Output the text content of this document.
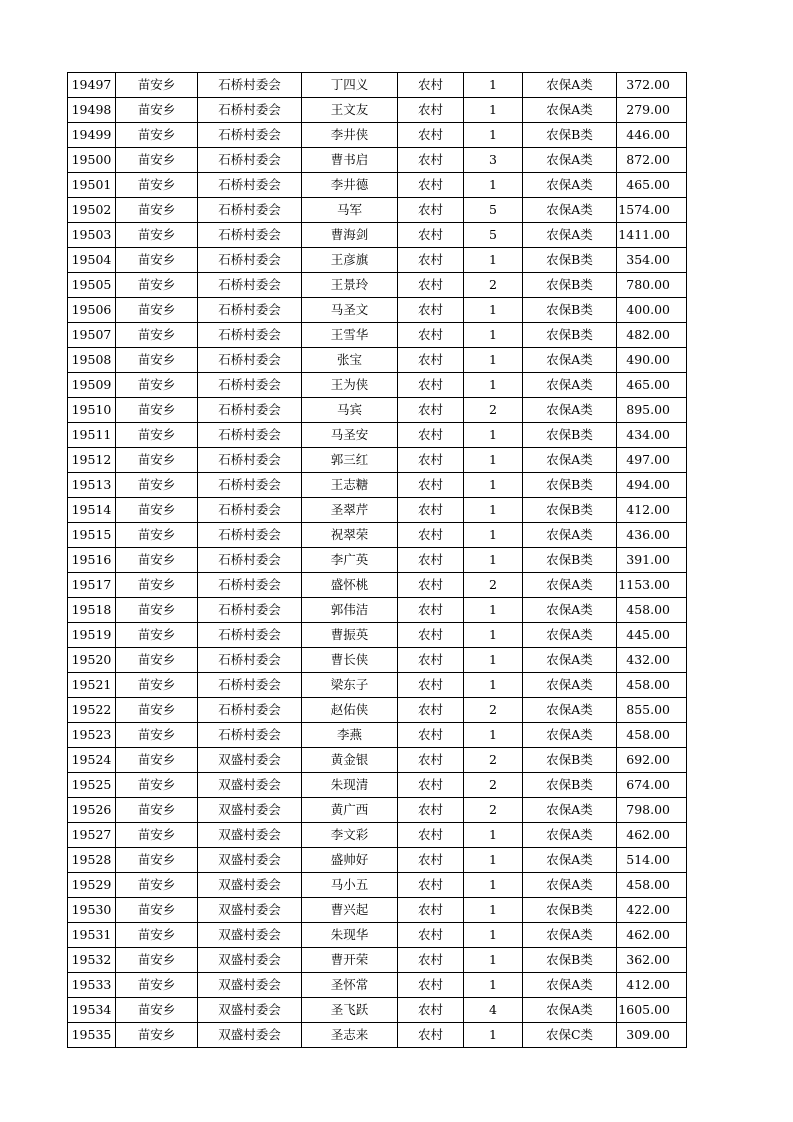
19497	苗安乡	石桥村委会	丁四义	农村	1	农保A类	372.00
19498	苗安乡	石桥村委会	王文友	农村	1	农保A类	279.00
19499	苗安乡	石桥村委会	李井侠	农村	1	农保B类	446.00
19500	苗安乡	石桥村委会	曹书启	农村	3	农保A类	872.00
19501	苗安乡	石桥村委会	李井德	农村	1	农保A类	465.00
19502	苗安乡	石桥村委会	马军	农村	5	农保A类	1574.00
19503	苗安乡	石桥村委会	曹海剑	农村	5	农保A类	1411.00
19504	苗安乡	石桥村委会	王彦旗	农村	1	农保B类	354.00
19505	苗安乡	石桥村委会	王景玲	农村	2	农保B类	780.00
19506	苗安乡	石桥村委会	马圣文	农村	1	农保B类	400.00
19507	苗安乡	石桥村委会	王雪华	农村	1	农保B类	482.00
19508	苗安乡	石桥村委会	张宝	农村	1	农保A类	490.00
19509	苗安乡	石桥村委会	王为侠	农村	1	农保A类	465.00
19510	苗安乡	石桥村委会	马宾	农村	2	农保A类	895.00
19511	苗安乡	石桥村委会	马圣安	农村	1	农保B类	434.00
19512	苗安乡	石桥村委会	郭三红	农村	1	农保A类	497.00
19513	苗安乡	石桥村委会	王志糖	农村	1	农保B类	494.00
19514	苗安乡	石桥村委会	圣翠芹	农村	1	农保B类	412.00
19515	苗安乡	石桥村委会	祝翠荣	农村	1	农保A类	436.00
19516	苗安乡	石桥村委会	李广英	农村	1	农保B类	391.00
19517	苗安乡	石桥村委会	盛怀桃	农村	2	农保A类	1153.00
19518	苗安乡	石桥村委会	郭伟洁	农村	1	农保A类	458.00
19519	苗安乡	石桥村委会	曹振英	农村	1	农保A类	445.00
19520	苗安乡	石桥村委会	曹长侠	农村	1	农保A类	432.00
19521	苗安乡	石桥村委会	梁东子	农村	1	农保A类	458.00
19522	苗安乡	石桥村委会	赵佑侠	农村	2	农保A类	855.00
19523	苗安乡	石桥村委会	李燕	农村	1	农保A类	458.00
19524	苗安乡	双盛村委会	黄金银	农村	2	农保B类	692.00
19525	苗安乡	双盛村委会	朱现清	农村	2	农保B类	674.00
19526	苗安乡	双盛村委会	黄广西	农村	2	农保A类	798.00
19527	苗安乡	双盛村委会	李文彩	农村	1	农保A类	462.00
19528	苗安乡	双盛村委会	盛帅好	农村	1	农保A类	514.00
19529	苗安乡	双盛村委会	马小五	农村	1	农保A类	458.00
19530	苗安乡	双盛村委会	曹兴起	农村	1	农保B类	422.00
19531	苗安乡	双盛村委会	朱现华	农村	1	农保A类	462.00
19532	苗安乡	双盛村委会	曹开荣	农村	1	农保B类	362.00
19533	苗安乡	双盛村委会	圣怀常	农村	1	农保A类	412.00
19534	苗安乡	双盛村委会	圣飞跃	农村	4	农保A类	1605.00
19535	苗安乡	双盛村委会	圣志来	农村	1	农保C类	309.00
